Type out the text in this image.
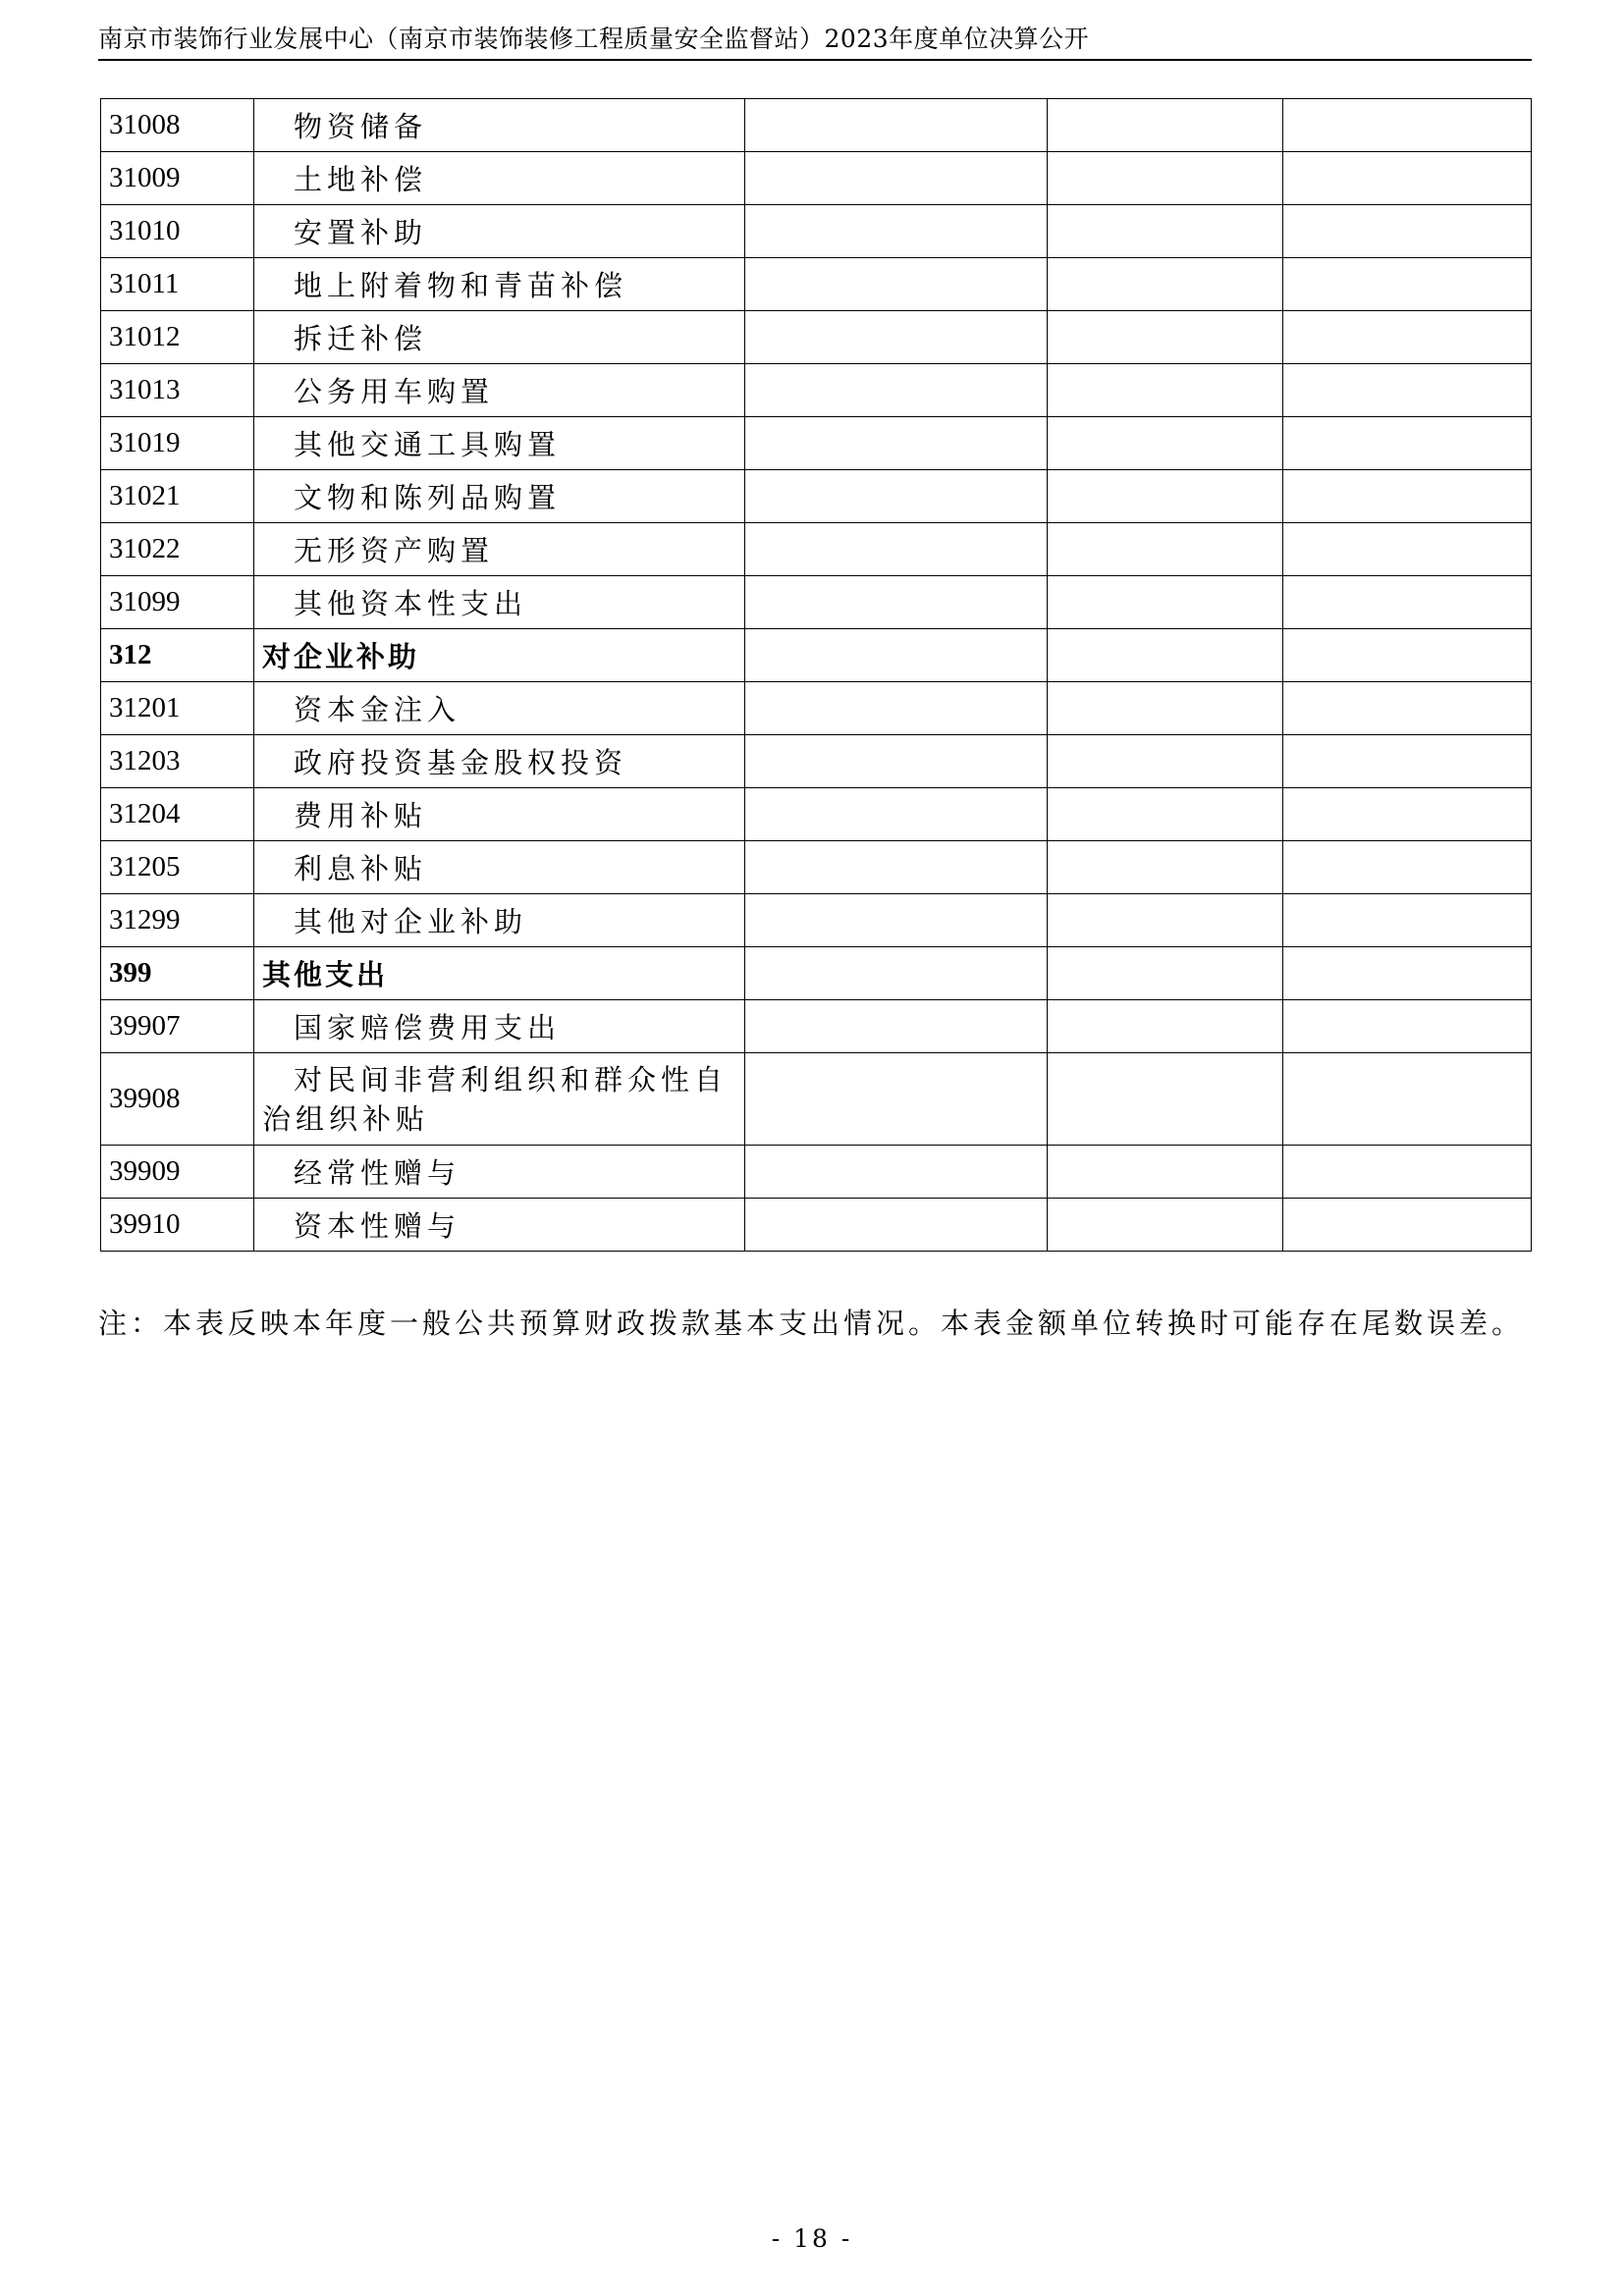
南京市装饰行业发展中心（南京市装饰装修工程质量安全监督站）2023年度单位决算公开
31008	物资储备			
31009	土地补偿			
31010	安置补助			
31011	地上附着物和青苗补偿			
31012	拆迁补偿			
31013	公务用车购置			
31019	其他交通工具购置			
31021	文物和陈列品购置			
31022	无形资产购置			
31099	其他资本性支出			
312	对企业补助			
31201	资本金注入			
31203	政府投资基金股权投资			
31204	费用补贴			
31205	利息补贴			
31299	其他对企业补助			
399	其他支出			
39907	国家赔偿费用支出			
39908	对民间非营利组织和群众性自治组织补贴			
39909	经常性赠与			
39910	资本性赠与			
注：本表反映本年度一般公共预算财政拨款基本支出情况。本表金额单位转换时可能存在尾数误差。
- 18 -
